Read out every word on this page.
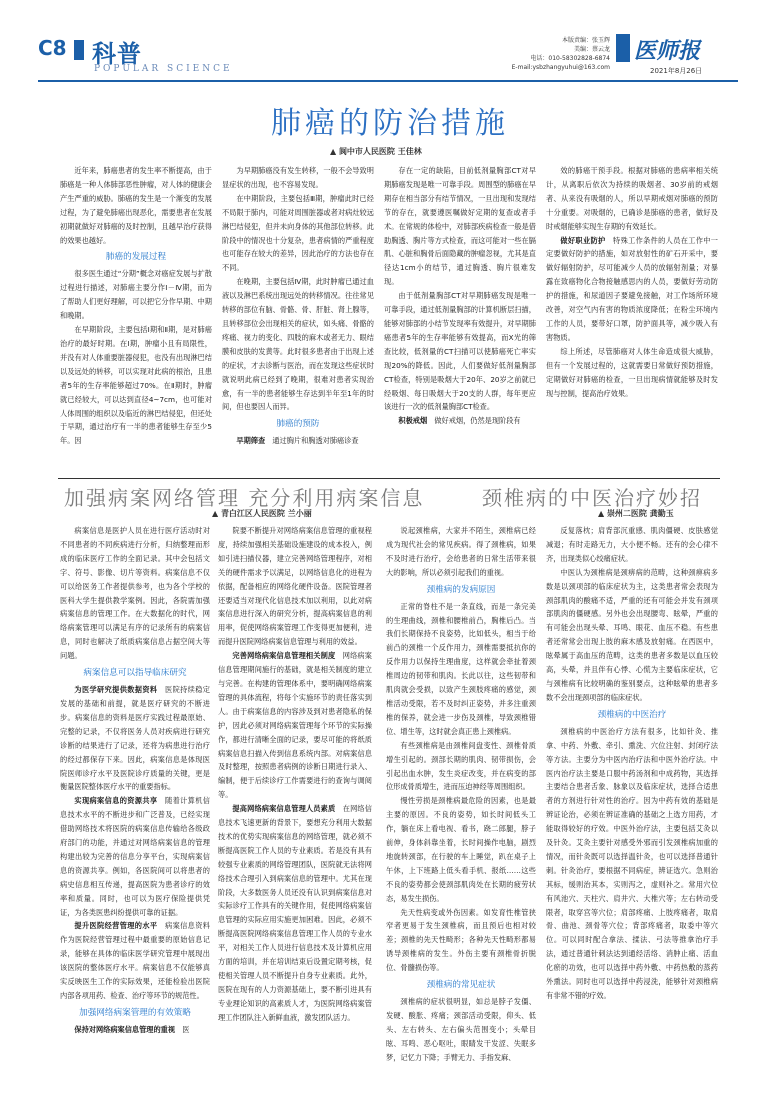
C8 科普
POPULAR SCIENCE
本版责编：张玉辉
美编：蔡云龙
电话：010-58302828-6874
E-mail:ysbzhangyuhui@163.com
医师报
2021年8月26日
肺癌的防治措施
▲ 阆中市人民医院 王佳林

近年来，肺癌患者的发生率不断提高，由于肺癌是一种人体肺部恶性肿瘤，对人体的健康会产生严重的威胁。肺癌的发生是一个渐变的发展过程，为了避免肺癌出现恶化，需要患者在发展初期就做好对肺癌的及时控制，且越早治疗获得的效果也越好。

肺癌的发展过程

很多医生通过“分期”概念对癌症发展与扩散过程进行描述，对肺癌主要分作Ⅰ－Ⅳ期，而为了帮助人们更好理解，可以把它分作早期、中期和晚期。

在早期阶段，主要包括Ⅰ期和Ⅱ期，是对肺癌治疗的最好时期。在Ⅰ期，肿瘤小且有局限性，并没有对人体重要脏器侵犯，也没有出现淋巴结以及远处的转移，可以实现对此病的根治，且患者5年的生存率能够超过70%。在Ⅱ期时，肿瘤就已经较大，可以达到直径4~7cm，也可能对人体周围的组织以及临近的淋巴结侵犯，但还处于早期，通过治疗有一半的患者能够生存至少5年。因

为早期肺癌没有发生转移，一般不会导致明显症状的出现，也不容易发现。

在中期阶段，主要包括Ⅲ期，肿瘤此时已经不局限于肺内，可能对周围脏器或者对病灶较远淋巴结侵犯，但并未向身体的其他部位转移。此阶段中的情况也十分复杂，患者病情的严重程度也可能存在较大的差异，因此治疗的方法也存在不同。

在晚期，主要包括Ⅳ期，此时肿瘤已通过血液以及淋巴系统出现远处的转移情况。往往常见转移的部位有脑、骨骼、骨、肝脏、肾上腺等，且转移部位会出现相关的症状，如头痛、骨骼的疼痛、视力的变化、四肢的麻木或者无力、眼结膜和皮肤的发黄等。此时很多患者由于出现上述的症状，才去诊断与医治，而在发现这些症状时就说明此病已经到了晚期，很难对患者实现治愈，有一半的患者能够生存达到半年至1年的时间，但也要因人而异。

肺癌的预防

早期筛查　 通过胸片和胸透对肺癌诊查

存在一定的缺陷，目前低剂量胸部CT对早期肺癌发现是唯一可靠手段。周围型的肺癌在早期存在相当部分有结节情况，一旦出现和发现结节的存在，就要遵医嘱做好定期的复查或者手术。在常规的体检中，对肺部疾病检查一般是借助胸透、胸片等方式检查，而这可能对一些在膈肌、心脏和胸骨后面隐藏的肿瘤忽视，尤其是直径达1cm小的结节，通过胸透、胸片很难发现。

由于低剂量胸部CT对早期肺癌发现是唯一可靠手段，通过低剂量胸部的计算机断层扫描，能够对肺部的小结节发现率有效提升，对早期肺癌患者5年的生存率能够有效提高，而X光的筛查比较，低剂量的CT扫描可以使肺癌死亡率实现20%的降低。因此，人们要做好低剂量胸部CT检查，特别是吸烟大于20年、20岁之前就已经吸烟、每日吸烟大于20支的人群，每年更应该进行一次的低剂量胸部CT检查。

积极戒烟　 做好戒烟，仍然是现阶段有

效的肺癌干预手段。根据对肺癌的患病率相关统计，从离职后依次为持续的吸烟者、30岁前的戒烟者、从来没有吸烟的人，所以早期戒烟对肺癌的预防十分重要。对吸烟的，已确诊是肺癌的患者，做好及时戒烟能够实现生存期的有效延长。

做好职业防护　 特殊工作条件的人员在工作中一定要做好防护的措施，如对放射性的矿石开采中，要做好辐射防护，尽可能减少人员的放辐射剂量；对暴露在致癌物化合物接触感思内的人员，要做好劳动防护的措施，和尿道因子要避免接触，对工作场所环境改善，对空气内有害的物质浓度降低；在粉尘环境内工作的人员，要带好口罩，防护面具等，减少吸入有害物质。

综上所述，尽管肺癌对人体生命造成很大威胁，但有一个发展过程的，这就需要日常做好预防措施，定期做好对肺癌的检查，一旦出现病情就能够及时发现与控制，提高治疗效果。

加强病案网络管理 充分利用病案信息
▲ 青白江区人民医院 兰小丽

病案信息是医护人员在进行医疗活动时对不同患者的不同疾病进行分析，归纳整理而形成的临床医疗工作的全面记录。其中会包括文字、符号、影像、切片等资料。病案信息不仅可以给医务工作者提供参考，也为各个学校的医科大学生提供教学案例。因此，各院需加强病案信息的管理工作。在大数据化的时代，网络病案管理可以满足有序的记录所有的病案信息，同时也解决了纸质病案信息占据空间大等问题。

病案信息可以指导临床研究

为医学研究提供数据资料　 医院持续稳定发展的基础和前提，就是医疗研究的不断进步。病案信息的资料是医疗实践过程最原始、完整的记录，不仅将医务人员对疾病进行研究诊断的结果进行了记录，还将为病患进行治疗的经过都保存下来。因此，病案信息是体现医院医师诊疗水平及医院诊疗质量的关键，更是衡量医院整体医疗水平的重要指标。

实现病案信息的资源共享　 随着计算机信息技术水平的不断进步和广泛普及，已经实现借助网络技术将医院的病案信息传输给各级政府部门的功能，并通过对网络病案信息的管理构建出较为完善的信息分享平台，实现病案信息的资源共享。例如，各医院间可以将患者的病史信息相互传递，提高医院为患者诊疗的效率和质量。同时，也可以为医疗保险提供凭证，为各类医患纠纷提供可靠的证据。

提升医院经营管理的水平　 病案信息资料作为医院经营管理过程中最重要的原始信息记录，能够在具体的临床医学研究管理中展现出该医院的整体医疗水平。病案信息不仅能够真实反映医生工作的实际效果，还能检验出医院内部各项用药、检查、治疗等环节的规范性。

加强网络病案管理的有效策略

保持对网络病案信息管理的重视　 医

院要不断提升对网络病案信息管理的重视程度，持续加强相关基础设施建设的成本投入，例如引进扫描仪器，建立完善网络管理程序，对相关的硬件需求予以满足，以网络信息化的进程为依据，配备相应的网络化硬件设备。医院管理者还要适当对现代化信息技术加以利用，以此对病案信息进行深入的研究分析，提高病案信息的利用率，促使网络病案管理工作变得更加便利，进而提升医院网络病案信息管理与利用的效益。

完善网络病案信息管理相关制度　 网络病案信息管理期间施行的基础，就是相关制度的建立与完善。在构建的管理体系中，要明确网络病案管理的具体流程，将每个实施环节的责任落实到人。由于病案信息的内容涉及到对患者隐私的保护，因此必须对网络病案管理每个环节的实际操作，都进行清晰全面的记录，要尽可能的将纸质病案信息扫描入传到信息系统内部。对病案信息及时整理，按照患者病例的诊断日期进行录入、编制，便于后续诊疗工作需要进行的查询与调阅等。

提高网络病案信息管理人员素质　 在网络信息技术飞速更新的背景下，要想充分利用大数据技术的优势实现病案信息的网络管理，就必须不断提高医院工作人员的专业素质。若是没有具有较强专业素质的网络管理团队，医院就无法将网络技术合理引入到病案信息的管理中。尤其在现阶段，大多数医务人员还没有认识到病案信息对实际诊疗工作具有的关键作用，促使网络病案信息管理的实际应用实施更加困难。因此，必须不断提高医院网络病案信息管理工作人员的专业水平，对相关工作人员进行信息技术及计算机应用方面的培训，并在培训结束后设置定期考核，促使相关管理人员不断提升自身专业素质。此外，医院在现有的人力资源基础上，要不断引进具有专业理论知识的高素质人才，为医院网络病案管理工作团队注入新鲜血液，激发团队活力。

颈椎病的中医治疗妙招
▲ 崇州二医院 龚勤玉

说起颈椎病，大家并不陌生，颈椎病已经成为现代社会的常见疾病。得了颈椎病，如果不及时进行治疗，会给患者的日常生活带来很大的影响，所以必须引起我们的重视。

颈椎病的发病原因

正常的脊柱不是一条直线，而是一条完美的生理曲线，颈椎和腰椎前凸，胸椎后凸。当我们长期保持不良姿势，比如低头，相当于给前凸的颈椎一个反作用力，颈椎需要抵抗你的反作用力以保持生理曲度，这样就会牵扯着颈椎周边的韧带和肌肉。长此以往，这些韧带和肌肉就会受损，以致产生颈肢疼痛的感觉，颈椎活动受限，若不及时纠正姿势，并多注重颈椎的保养，就会进一步伤及颈椎，导致颈椎错位、增生等，这时就会真正患上颈椎病。

有些颈椎病是由颈椎间盘变性、颈椎骨质增生引起的。颈部长期的肌肉、韧带损伤，会引起出血水肿，发生炎症改变，并在病变的部位形成骨质增生，进而压迫神经等周围组织。

慢性劳损是颈椎病最危险的因素，也是最主要的原因。不良的姿势，如长时间低头工作，躺在床上看电视、看书，跷二郎腿，脖子前伸，身体斜靠坐着，长时间操作电脑，剧烈地旋转颈部，在行驶的车上睡觉，趴在桌子上午休，上下班路上低头看手机、报纸……这些不良的姿势都会使颈部肌肉处在长期的疲劳状态，易发生损伤。

先天性病变或外伤因素。如发育性椎管狭窄者更易于发生颈椎病，而且预后也相对较差；颈椎的先天性畸形；各种先天性畸形都易诱导颈椎病的发生。外伤主要有颈椎骨折脱位、骨髓损伤等。

颈椎病的常见症状

颈椎病的症状很明显，如总是脖子发僵、发硬、酸胀、疼痛；颈部活动受限，仰头、低头、左右转头、左右偏头范围变小；头晕目眩、耳鸣、恶心呕吐，眼睛发干发涩、失眠多梦，记忆力下降；手臂无力、手指发麻、

反复落枕；肩背部沉重感、肌肉僵硬、皮肤感觉减退；有时走路无力，大小便不畅。还有的会心律不齐，出现类似心绞痛症状。

中医认为颈椎病是颈痹病的范畴，这种颈痹病多数是以颈项部的临床症状为主，这类患者常会表现为颈部肌肉的酸痛不适，严重的还有可能会并发有颈项部肌肉的僵硬感。另外也会出现腰弯、眩晕，严重的有可能会出现头晕、耳鸣、眼花、血压不稳。有些患者还常常会出现上肢的麻木感及放射痛。在西医中，眩晕属于高血压的范畴，这类的患者多数是以血压较高，头晕，并且伴有心悸、心慌为主要临床症状，它与颈椎病有比较明确的鉴别要点，这种眩晕的患者多数不会出现颈项部的临床症状。

颈椎病的中医治疗

颈椎病的中医治疗方法有很多，比如针灸、推拿、中药、外敷、牵引、熏洗、穴位注射、封闭疗法等方法。主要分为中医内治疗法和中医外治疗法。中医内治疗法主要是口服中药汤剂和中成药物，其选择主要结合患者舌象、脉象以及临床症状，选择合适患者的方剂进行针对性的治疗。因为中药有效的基础是辨证论治，必须在辨证准确的基础之上选方用药，才能取得较好的疗效。中医外治疗法，主要包括艾灸以及针灸。艾灸主要针对感受外邪而引发颈椎病加重的情况，而针灸既可以选择温针灸，也可以选择普通针刺。针灸治疗，要根据不同病症，辨证选穴。急则治其标，缓则治其本，实则泻之，虚则补之。常用穴位有风池穴、天柱穴、肩井穴、大椎穴等；左右转动受限者，取穿宫等穴位；肩部疼痛、上肢疼痛者，取肩骨、曲池、颈骨等穴位；背部疼痛者，取委中等穴位。可以同时配合拿法、揉法、弓法等推拿治疗手法，通过普通针刺法达到通经活络、消肿止痛、活血化瘀的功效，也可以选择中药外敷、中药热敷的蒸药外熏法。同时也可以选择中药浸洗，能够针对颈椎病有非常不错的疗效。
